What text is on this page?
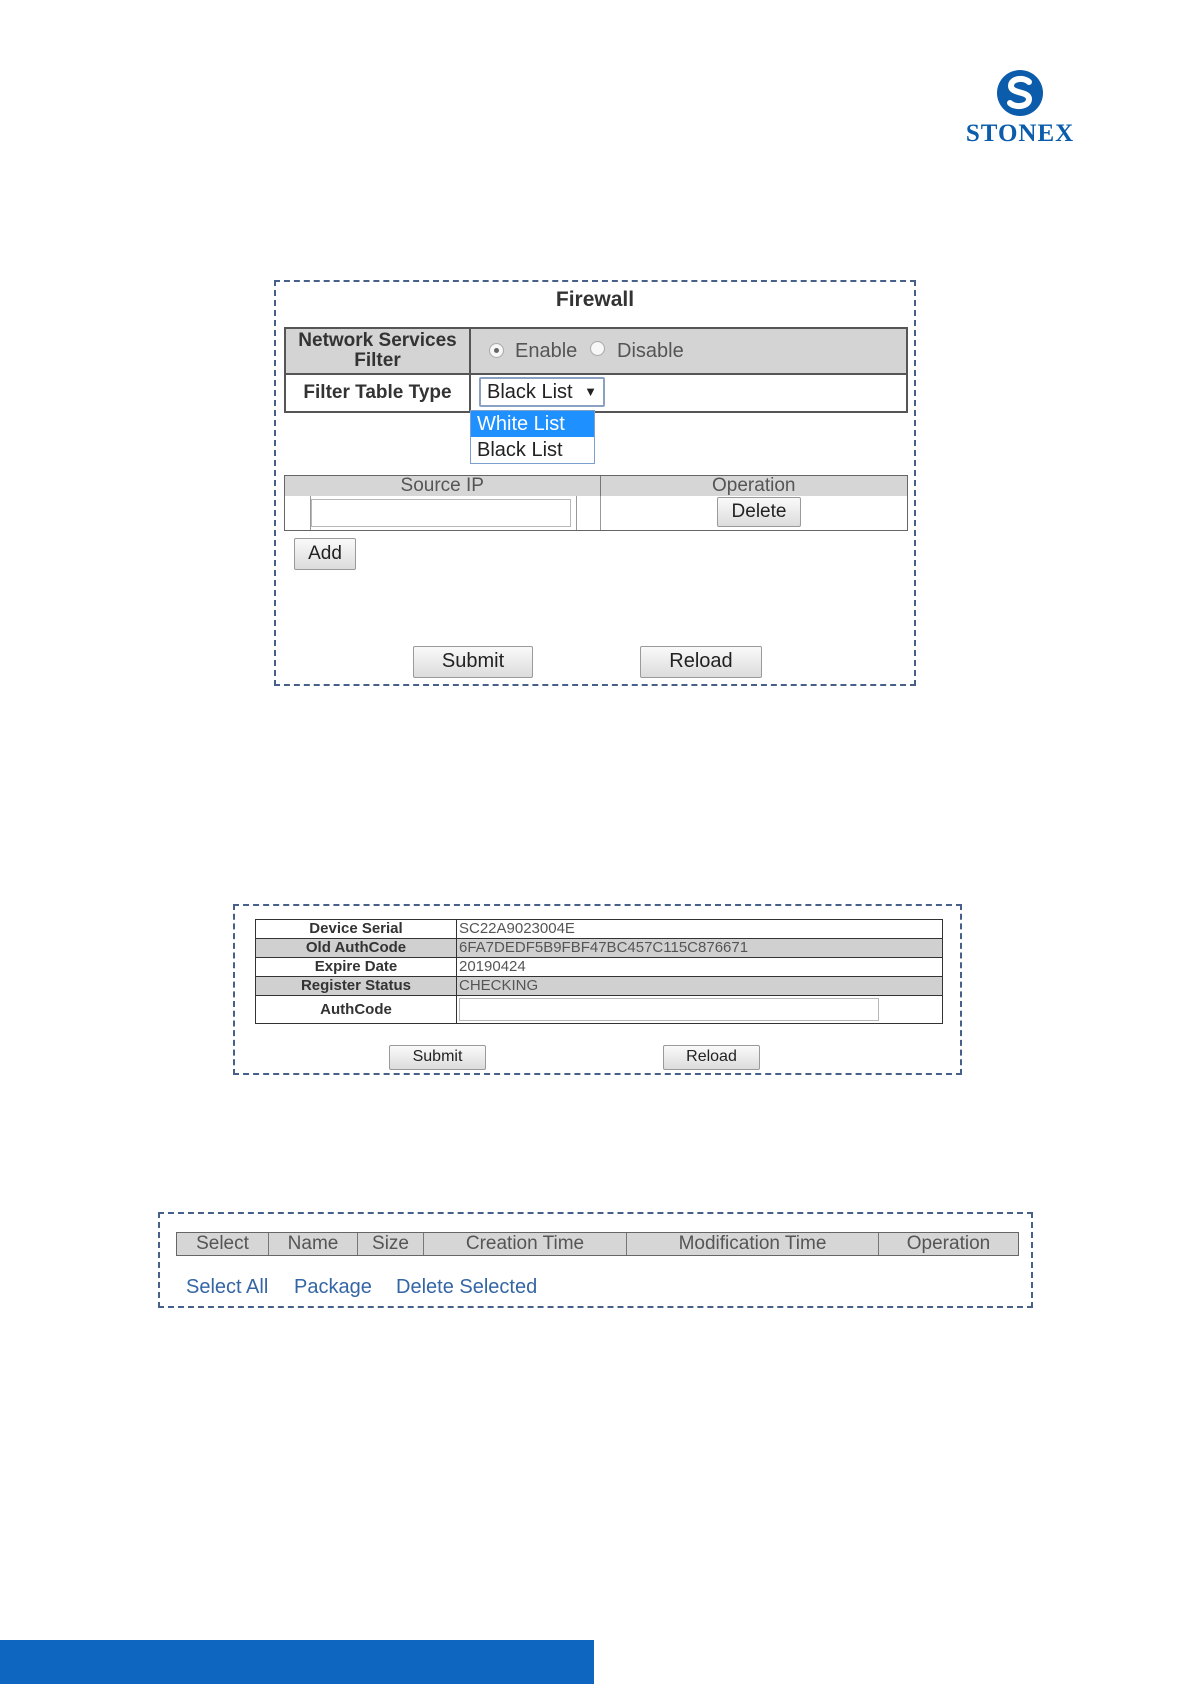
STONEX
Firewall
Network Services Filter	Enable Disable
Filter Table Type	Black List ▼
White List
Black List
Source IP	Operation
Delete
Add
Submit	Reload
Device Serial	SC22A9023004E
Old AuthCode	6FA7DEDF5B9FBF47BC457C115C876671
Expire Date	20190424
Register Status	CHECKING
AuthCode	
Submit	Reload
Select	Name	Size	Creation Time	Modification Time	Operation
Select All Package Delete Selected
